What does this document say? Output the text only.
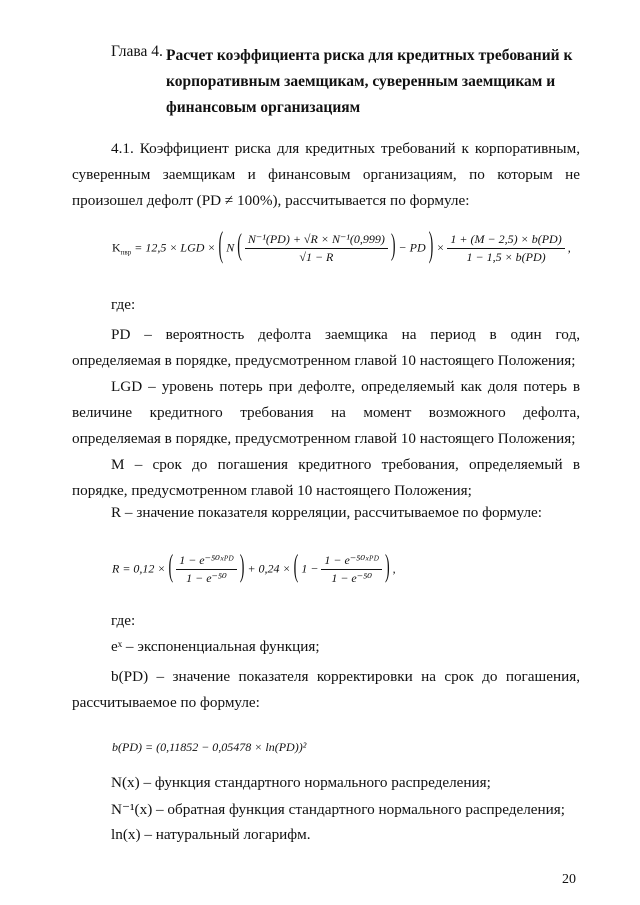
Глава 4. Расчет коэффициента риска для кредитных требований к корпоративным заемщикам, суверенным заемщикам и финансовым организациям
4.1. Коэффициент риска для кредитных требований к корпоративным, суверенным заемщикам и финансовым организациям, по которым не произошел дефолт (PD ≠ 100%), рассчитывается по формуле:
$K_{пвр} = 12,5$ × LGD × ( N ( $\frac{\text{N⁻¹(PD) + √R × N⁻¹(0,999)}}{√1 - R}$ ) − PD ) × $\frac{1 + (M - 2,5) \times b(PD)}{1 - 1,5 \times b(PD)}$ ,
где:
PD – вероятность дефолта заемщика на период в один год, определяемая в порядке, предусмотренном главой 10 настоящего Положения;
LGD – уровень потерь при дефолте, определяемый как доля потерь в величине кредитного требования на момент возможного дефолта, определяемая в порядке, предусмотренном главой 10 настоящего Положения;
M – срок до погашения кредитного требования, определяемый в порядке, предусмотренном главой 10 настоящего Положения;
R – значение показателя корреляции, рассчитываемое по формуле:
R = 0,12 × ( $\frac{\text{1 − e⁻⁵⁰ˣᴾᴰ}}{\text{1 − e⁻⁵⁰}}$ ) + 0,24 × ( $1 - \frac{\text{1 − e⁻⁵⁰ˣᴾᴰ}}{\text{1 − e⁻⁵⁰}}$ ) ,
где:
eˣ – экспоненциальная функция;
b(PD) – значение показателя корректировки на срок до погашения, рассчитываемое по формуле:
b(PD) = (0,11852 − 0,05478 × ln(PD))²
N(x) – функция стандартного нормального распределения;
N⁻¹(x) – обратная функция стандартного нормального распределения;
ln(x) – натуральный логарифм.
20
